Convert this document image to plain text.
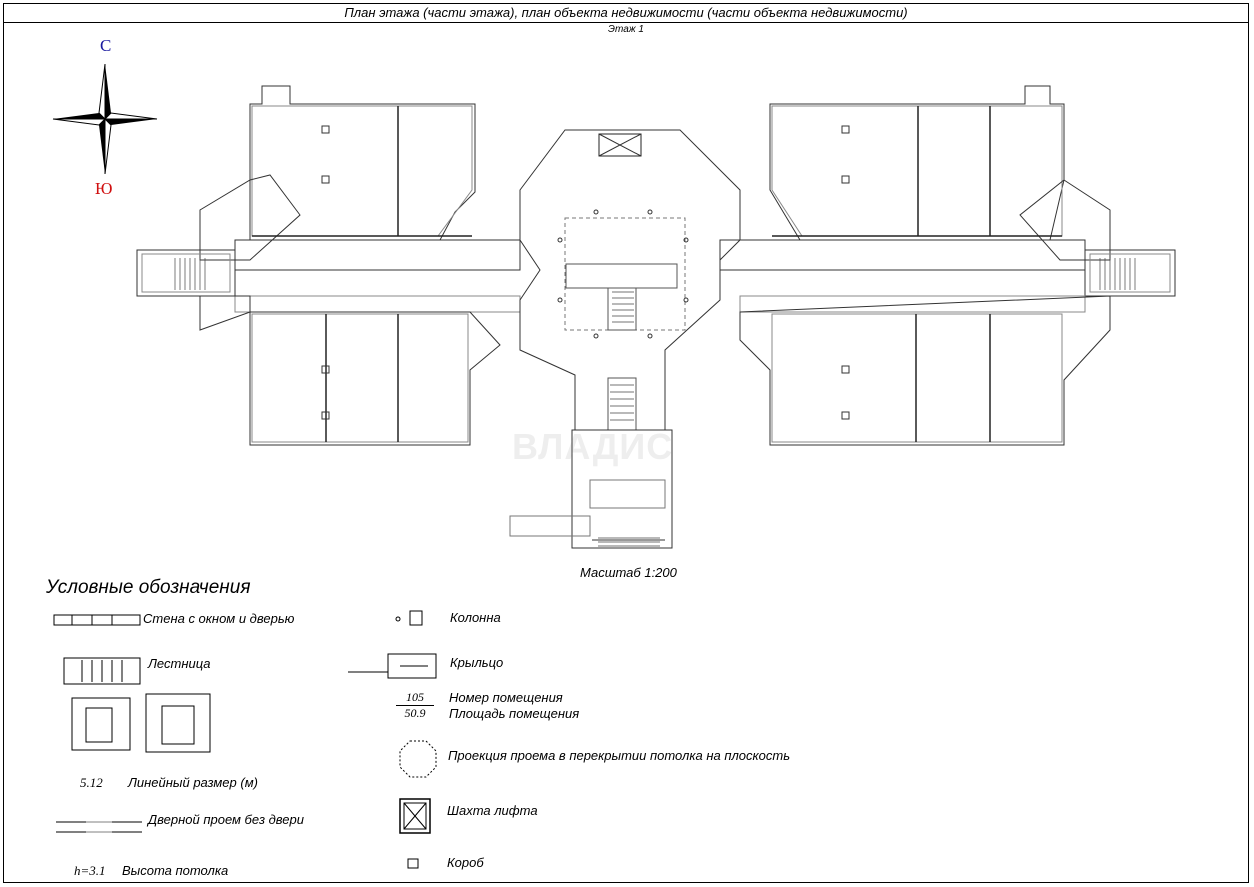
План этажа (части этажа), план объекта недвижимости (части объекта недвижимости)
Этаж 1
С
Ю
ВЛАДИС
Масштаб 1:200
Условные обозначения
Стена с окном и дверью
Лестница
5.12 Линейный размер (м)
Дверной проем без двери
h=3.1 Высота потолка
Колонна
Крыльцо
105
50.9
Номер помещения
Площадь помещения
Проекция проема в перекрытии потолка на плоскость
Шахта лифта
Короб
